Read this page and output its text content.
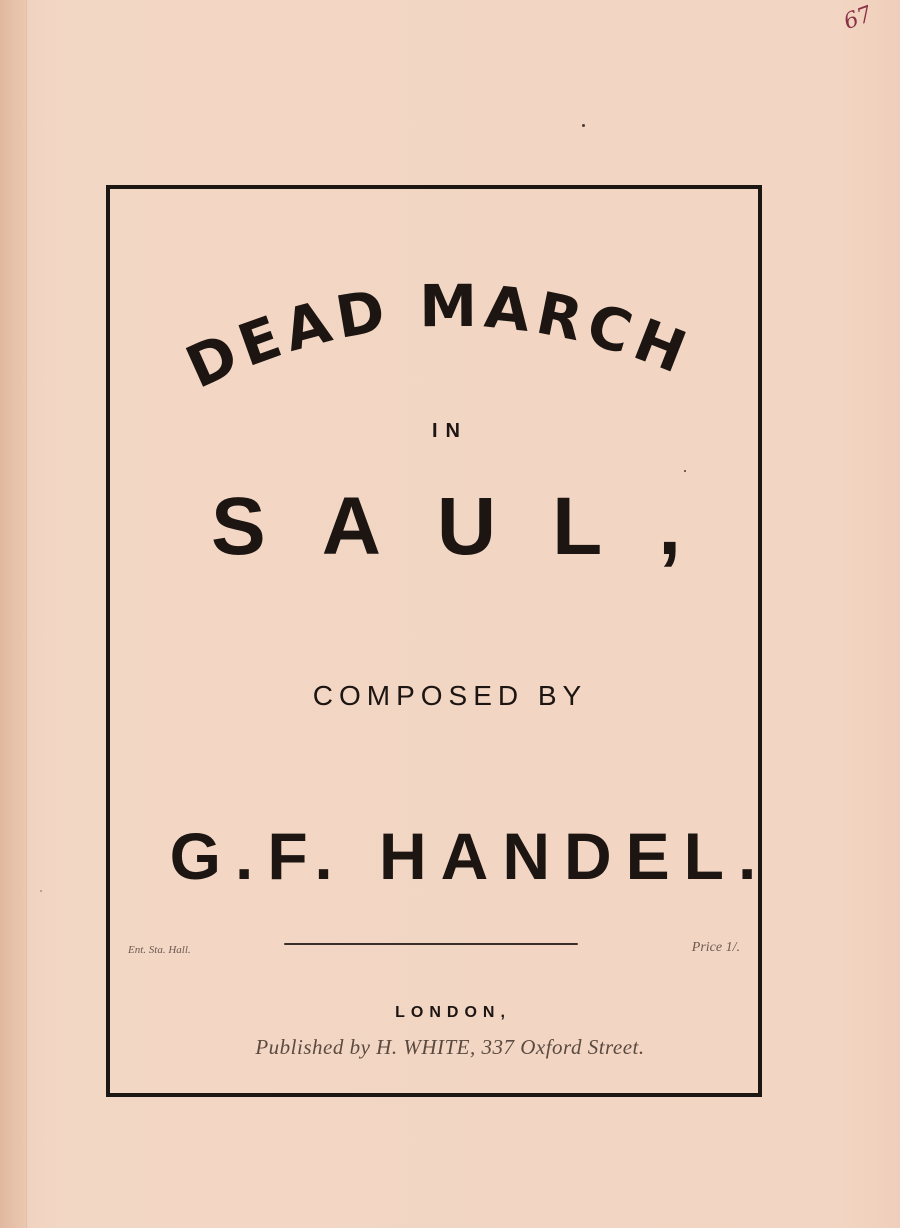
67
DEAD MARCH
IN
SAUL,
COMPOSED BY
G.F. HANDEL.
Ent. Sta. Hall.	Price 1/.
LONDON,
Published by H. WHITE, 337 Oxford Street.
